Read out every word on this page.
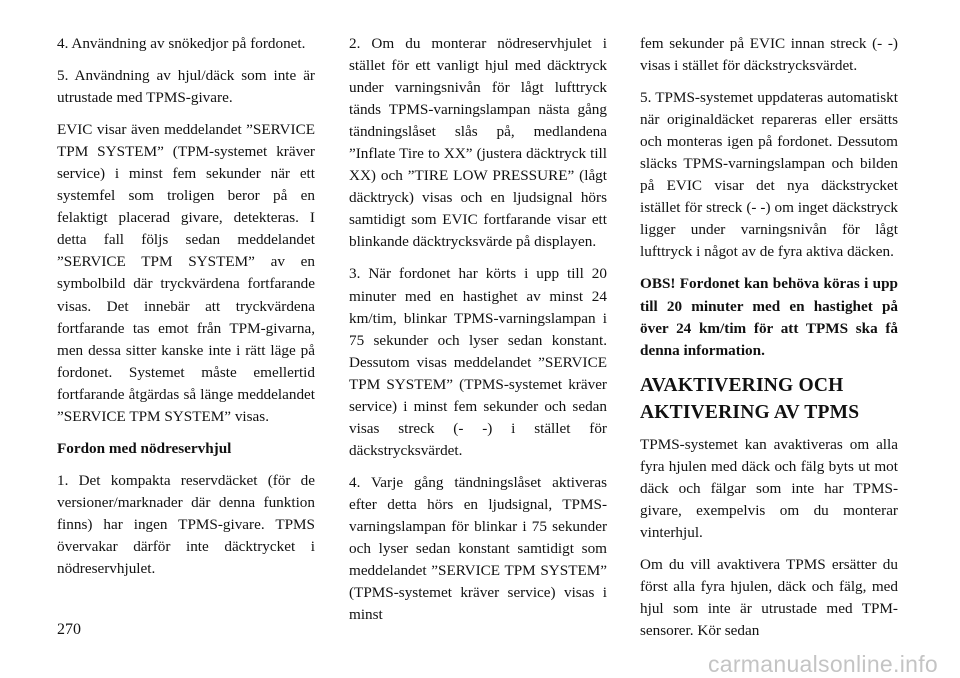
4. Användning av snökedjor på fordonet.

5. Användning av hjul/däck som inte är utrustade med TPMS-givare.

EVIC visar även meddelandet ”SERVICE TPM SYSTEM” (TPM-systemet kräver service) i minst fem sekunder när ett systemfel som troligen beror på en felaktigt placerad givare, detekteras. I detta fall följs sedan meddelandet ”SERVICE TPM SYSTEM” av en symbolbild där tryckvärdena fortfarande visas. Det innebär att tryckvärdena fortfarande tas emot från TPM-givarna, men dessa sitter kanske inte i rätt läge på fordonet. Systemet måste emellertid fortfarande åtgärdas så länge meddelandet ”SERVICE TPM SYSTEM” visas.

Fordon med nödreservhjul

1. Det kompakta reservdäcket (för de versioner/marknader där denna funktion finns) har ingen TPMS-givare. TPMS övervakar därför inte däcktrycket i nödreservhjulet.

2. Om du monterar nödreservhjulet i stället för ett vanligt hjul med däcktryck under varningsnivån för lågt lufttryck tänds TPMS-varningslampan nästa gång tändningslåset slås på, medlandena ”Inflate Tire to XX” (justera däcktryck till XX) och ”TIRE LOW PRESSURE” (lågt däcktryck) visas och en ljudsignal hörs samtidigt som EVIC fortfarande visar ett blinkande däcktrycksvärde på displayen.

3. När fordonet har körts i upp till 20 minuter med en hastighet av minst 24 km/tim, blinkar TPMS-varningslampan i 75 sekunder och lyser sedan konstant. Dessutom visas meddelandet ”SERVICE TPM SYSTEM” (TPMS-systemet kräver service) i minst fem sekunder och sedan visas streck (- -) i stället för däckstrycksvärdet.

4. Varje gång tändningslåset aktiveras efter detta hörs en ljudsignal, TPMS-varningslampan för blinkar i 75 sekunder och lyser sedan konstant samtidigt som meddelandet ”SERVICE TPM SYSTEM” (TPMS-systemet kräver service) visas i minst

fem sekunder på EVIC innan streck (- -) visas i stället för däckstrycksvärdet.

5. TPMS-systemet uppdateras automatiskt när originaldäcket repareras eller ersätts och monteras igen på fordonet. Dessutom släcks TPMS-varningslampan och bilden på EVIC visar det nya däckstrycket istället för streck (- -) om inget däckstryck ligger under varningsnivån för lågt lufttryck i något av de fyra aktiva däcken.

OBS! Fordonet kan behöva köras i upp till 20 minuter med en hastighet på över 24 km/tim för att TPMS ska få denna information.

AVAKTIVERING OCH AKTIVERING AV TPMS

TPMS-systemet kan avaktiveras om alla fyra hjulen med däck och fälg byts ut mot däck och fälgar som inte har TPMS-givare, exempelvis om du monterar vinterhjul.

Om du vill avaktivera TPMS ersätter du först alla fyra hjulen, däck och fälg, med hjul som inte är utrustade med TPM-sensorer. Kör sedan

270
carmanualsonline.info
